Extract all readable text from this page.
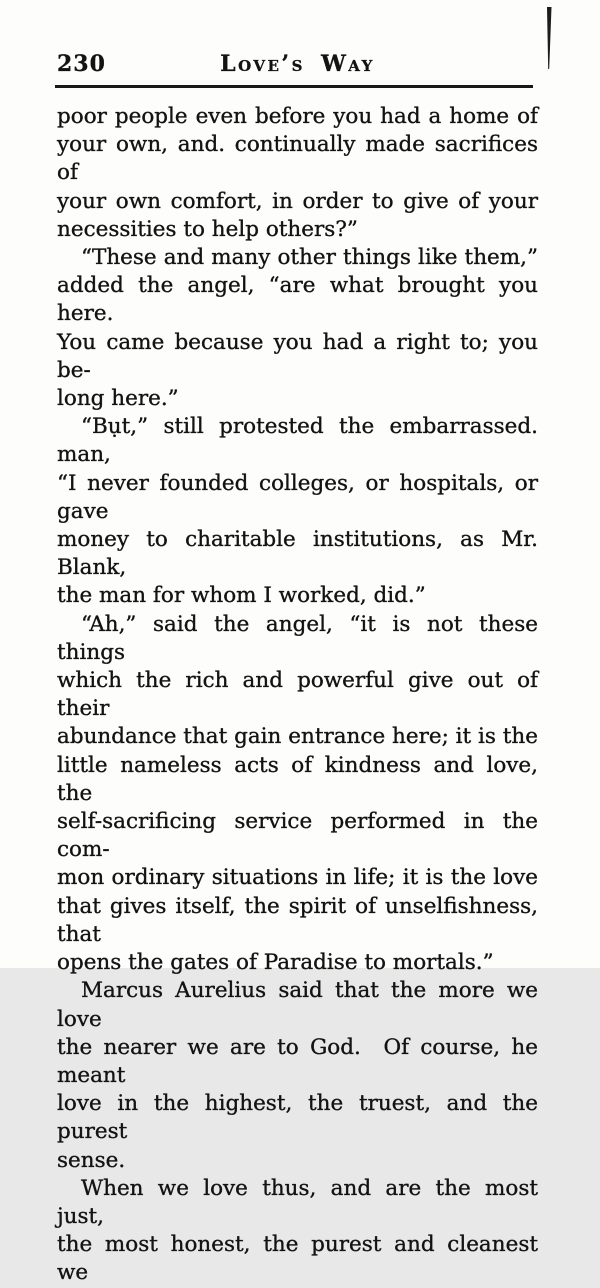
230	Love’s Way

poor people even before you had a home of
your own, and. continually made sacrifices of
your own comfort, in order to give of your
necessities to help others?”

“These and many other things like them,”
added the angel, “are what brought you here.
You came because you had a right to; you be-
long here.”

“Bụt,” still protested the embarrassed. man,
“I never founded colleges, or hospitals, or gave
money to charitable institutions, as Mr. Blank,
the man for whom I worked, did.”

“Ah,” said the angel, “it is not these things
which the rich and powerful give out of their
abundance that gain entrance here; it is the
little nameless acts of kindness and love, the
self-sacrificing service performed in the com-
mon ordinary situations in life; it is the love
that gives itself, the spirit of unselfishness, that
opens the gates of Paradise to mortals.”

Marcus Aurelius said that the more we love
the nearer we are to God.  Of course, he meant
love in the highest, the truest, and the purest
sense.

When we love thus, and are the most just,
the most honest, the purest and cleanest we
